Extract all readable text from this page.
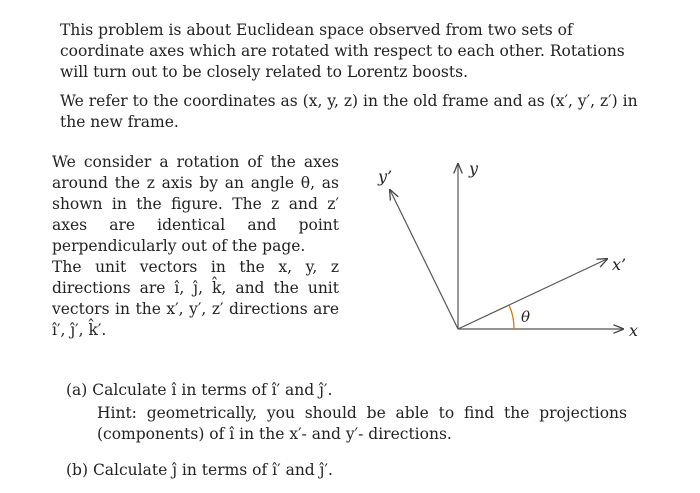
This problem is about Euclidean space observed from two sets of coordinate axes which are rotated with respect to each other. Rotations will turn out to be closely related to Lorentz boosts.
We refer to the coordinates as (x, y, z) in the old frame and as (x′, y′, z′) in the new frame.
We consider a rotation of the axes around the z axis by an angle θ, as shown in the figure. The z and z′ axes are identical and point perpendicularly out of the page.
The unit vectors in the x, y, z directions are î, ĵ, k̂, and the unit vectors in the x′, y′, z′ directions are î′, ĵ′, k̂′.
y’	y
x’
x
θ
(a) Calculate î in terms of î′ and ĵ′.
Hint: geometrically, you should be able to find the projections (components) of î in the x′- and y′- directions.
(b) Calculate ĵ in terms of î′ and ĵ′.
